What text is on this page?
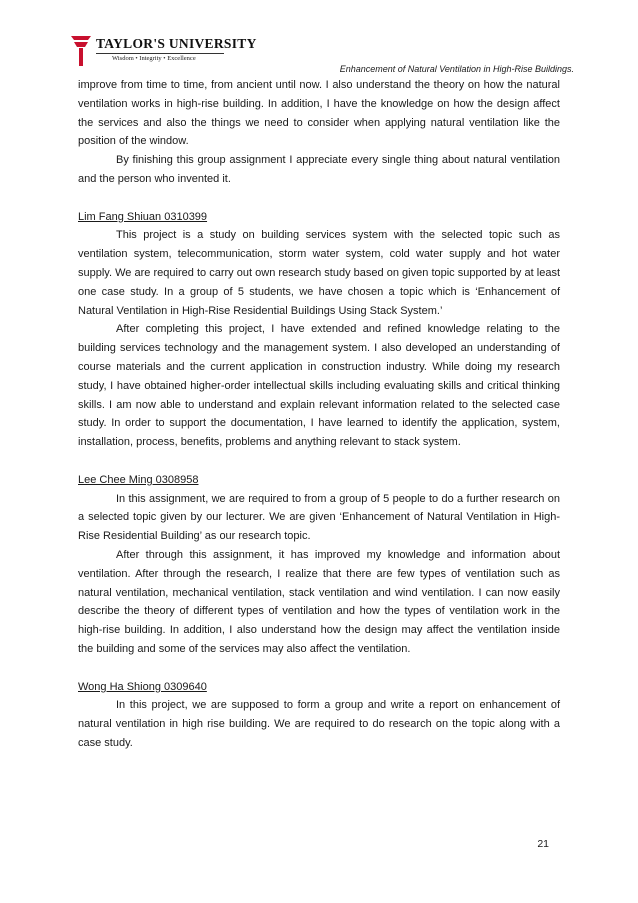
TAYLOR'S UNIVERSITY
Wisdom • Integrity • Excellence
Enhancement of Natural Ventilation in High-Rise Buildings.

improve from time to time, from ancient until now. I also understand the theory on how the natural ventilation works in high-rise building. In addition, I have the knowledge on how the design affect the services and also the things we need to consider when applying natural ventilation like the position of the window.

By finishing this group assignment I appreciate every single thing about natural ventilation and the person who invented it.

Lim Fang Shiuan 0310399

This project is a study on building services system with the selected topic such as ventilation system, telecommunication, storm water system, cold water supply and hot water supply. We are required to carry out own research study based on given topic supported by at least one case study. In a group of 5 students, we have chosen a topic which is ‘Enhancement of Natural Ventilation in High-Rise Residential Buildings Using Stack System.’

After completing this project, I have extended and refined knowledge relating to the building services technology and the management system. I also developed an understanding of course materials and the current application in construction industry. While doing my research study, I have obtained higher-order intellectual skills including evaluating skills and critical thinking skills. I am now able to understand and explain relevant information related to the selected case study. In order to support the documentation, I have learned to identify the application, system, installation, process, benefits, problems and anything relevant to stack system.

Lee Chee Ming 0308958

In this assignment, we are required to from a group of 5 people to do a further research on a selected topic given by our lecturer. We are given ‘Enhancement of Natural Ventilation in High-Rise Residential Building’ as our research topic.

After through this assignment, it has improved my knowledge and information about ventilation. After through the research, I realize that there are few types of ventilation such as natural ventilation, mechanical ventilation, stack ventilation and wind ventilation. I can now easily describe the theory of different types of ventilation and how the types of ventilation work in the high-rise building. In addition, I also understand how the design may affect the ventilation inside the building and some of the services may also affect the ventilation.

Wong Ha Shiong 0309640

In this project, we are supposed to form a group and write a report on enhancement of natural ventilation in high rise building. We are required to do research on the topic along with a case study.

21
